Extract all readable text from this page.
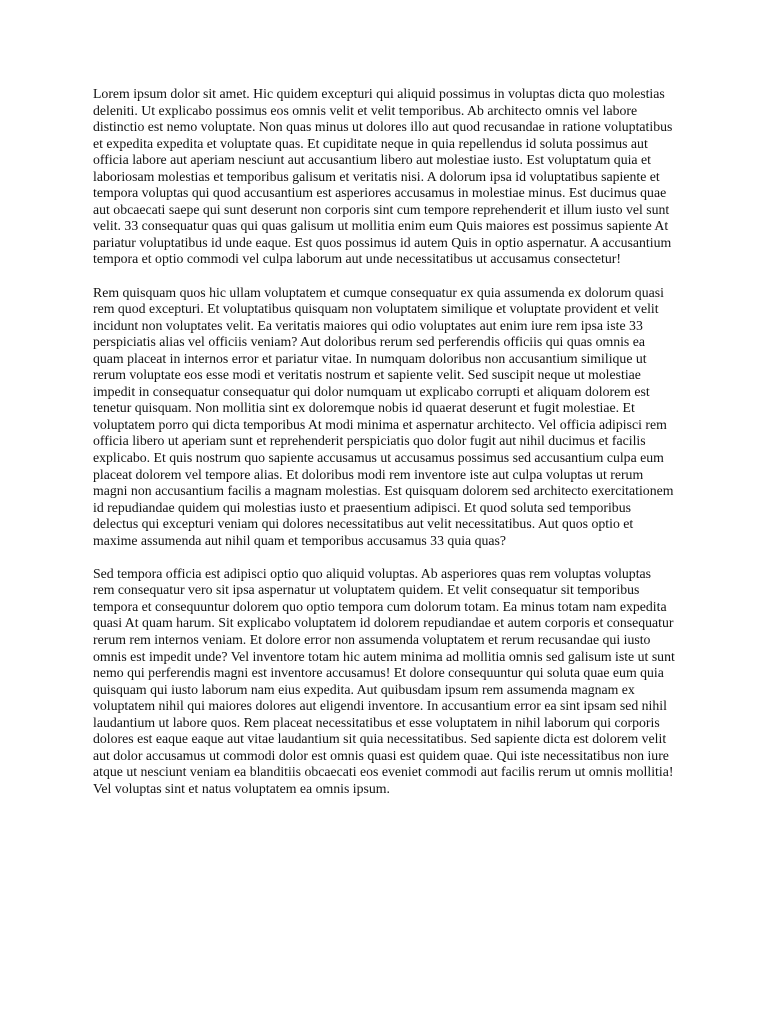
Lorem ipsum dolor sit amet. Hic quidem excepturi qui aliquid possimus in voluptas dicta quo molestias deleniti. Ut explicabo possimus eos omnis velit et velit temporibus. Ab architecto omnis vel labore distinctio est nemo voluptate. Non quas minus ut dolores illo aut quod recusandae in ratione voluptatibus et expedita expedita et voluptate quas. Et cupiditate neque in quia repellendus id soluta possimus aut officia labore aut aperiam nesciunt aut accusantium libero aut molestiae iusto. Est voluptatum quia et laboriosam molestias et temporibus galisum et veritatis nisi. A dolorum ipsa id voluptatibus sapiente et tempora voluptas qui quod accusantium est asperiores accusamus in molestiae minus. Est ducimus quae aut obcaecati saepe qui sunt deserunt non corporis sint cum tempore reprehenderit et illum iusto vel sunt velit. 33 consequatur quas qui quas galisum ut mollitia enim eum Quis maiores est possimus sapiente At pariatur voluptatibus id unde eaque. Est quos possimus id autem Quis in optio aspernatur. A accusantium tempora et optio commodi vel culpa laborum aut unde necessitatibus ut accusamus consectetur!

Rem quisquam quos hic ullam voluptatem et cumque consequatur ex quia assumenda ex dolorum quasi rem quod excepturi. Et voluptatibus quisquam non voluptatem similique et voluptate provident et velit incidunt non voluptates velit. Ea veritatis maiores qui odio voluptates aut enim iure rem ipsa iste 33 perspiciatis alias vel officiis veniam? Aut doloribus rerum sed perferendis officiis qui quas omnis ea quam placeat in internos error et pariatur vitae. In numquam doloribus non accusantium similique ut rerum voluptate eos esse modi et veritatis nostrum et sapiente velit. Sed suscipit neque ut molestiae impedit in consequatur consequatur qui dolor numquam ut explicabo corrupti et aliquam dolorem est tenetur quisquam. Non mollitia sint ex doloremque nobis id quaerat deserunt et fugit molestiae. Et voluptatem porro qui dicta temporibus At modi minima et aspernatur architecto. Vel officia adipisci rem officia libero ut aperiam sunt et reprehenderit perspiciatis quo dolor fugit aut nihil ducimus et facilis explicabo. Et quis nostrum quo sapiente accusamus ut accusamus possimus sed accusantium culpa eum placeat dolorem vel tempore alias. Et doloribus modi rem inventore iste aut culpa voluptas ut rerum magni non accusantium facilis a magnam molestias. Est quisquam dolorem sed architecto exercitationem id repudiandae quidem qui molestias iusto et praesentium adipisci. Et quod soluta sed temporibus delectus qui excepturi veniam qui dolores necessitatibus aut velit necessitatibus. Aut quos optio et maxime assumenda aut nihil quam et temporibus accusamus 33 quia quas?

Sed tempora officia est adipisci optio quo aliquid voluptas. Ab asperiores quas rem voluptas voluptas rem consequatur vero sit ipsa aspernatur ut voluptatem quidem. Et velit consequatur sit temporibus tempora et consequuntur dolorem quo optio tempora cum dolorum totam. Ea minus totam nam expedita quasi At quam harum. Sit explicabo voluptatem id dolorem repudiandae et autem corporis et consequatur rerum rem internos veniam. Et dolore error non assumenda voluptatem et rerum recusandae qui iusto omnis est impedit unde? Vel inventore totam hic autem minima ad mollitia omnis sed galisum iste ut sunt nemo qui perferendis magni est inventore accusamus! Et dolore consequuntur qui soluta quae eum quia quisquam qui iusto laborum nam eius expedita. Aut quibusdam ipsum rem assumenda magnam ex voluptatem nihil qui maiores dolores aut eligendi inventore. In accusantium error ea sint ipsam sed nihil laudantium ut labore quos. Rem placeat necessitatibus et esse voluptatem in nihil laborum qui corporis dolores est eaque eaque aut vitae laudantium sit quia necessitatibus. Sed sapiente dicta est dolorem velit aut dolor accusamus ut commodi dolor est omnis quasi est quidem quae. Qui iste necessitatibus non iure atque ut nesciunt veniam ea blanditiis obcaecati eos eveniet commodi aut facilis rerum ut omnis mollitia! Vel voluptas sint et natus voluptatem ea omnis ipsum.
